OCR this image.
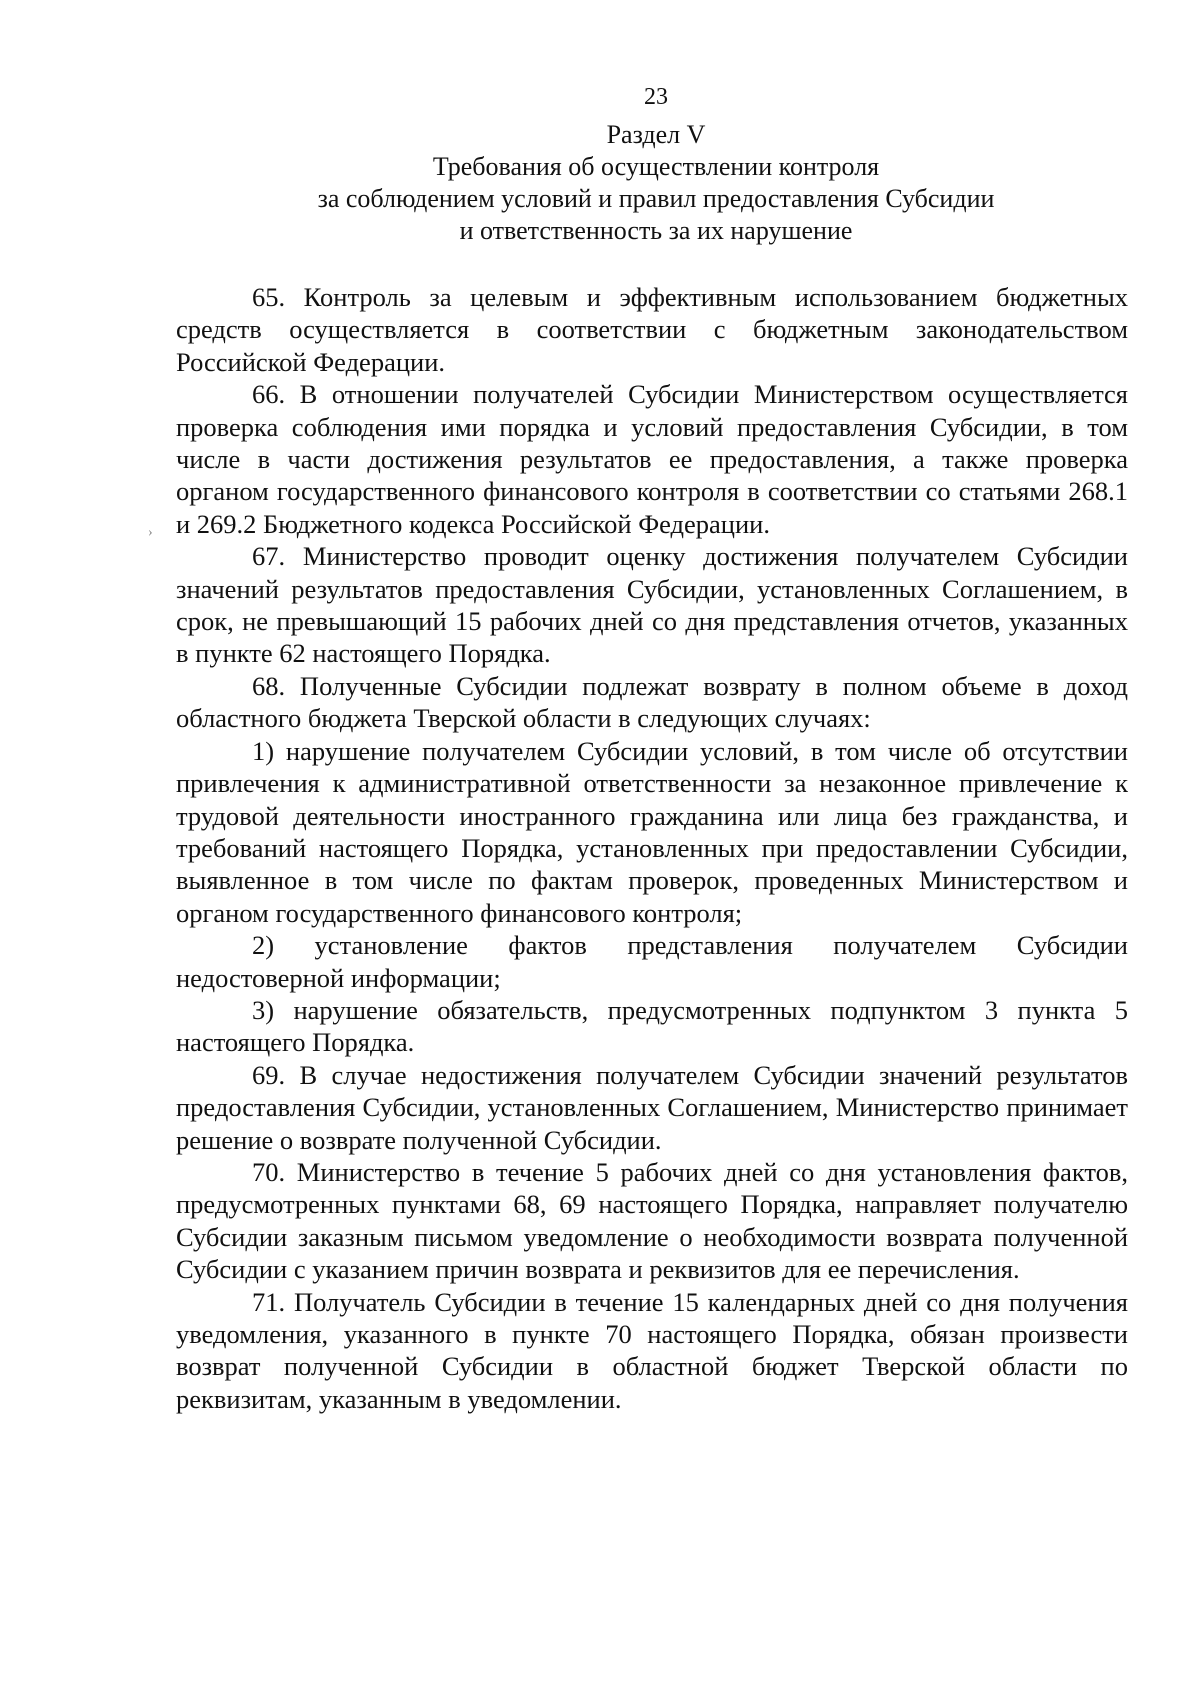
23
Раздел V
Требования об осуществлении контроля
за соблюдением условий и правил предоставления Субсидии
и ответственность за их нарушение

65. Контроль за целевым и эффективным использованием бюджетных средств осуществляется в соответствии с бюджетным законодательством Российской Федерации.

66. В отношении получателей Субсидии Министерством осуществляется проверка соблюдения ими порядка и условий предоставления Субсидии, в том числе в части достижения результатов ее предоставления, а также проверка органом государственного финансового контроля в соответствии со статьями 268.1 и 269.2 Бюджетного кодекса Российской Федерации.

67. Министерство проводит оценку достижения получателем Субсидии значений результатов предоставления Субсидии, установленных Соглашением, в срок, не превышающий 15 рабочих дней со дня представления отчетов, указанных в пункте 62 настоящего Порядка.

68. Полученные Субсидии подлежат возврату в полном объеме в доход областного бюджета Тверской области в следующих случаях:

1) нарушение получателем Субсидии условий, в том числе об отсутствии привлечения к административной ответственности за незаконное привлечение к трудовой деятельности иностранного гражданина или лица без гражданства, и требований настоящего Порядка, установленных при предоставлении Субсидии, выявленное в том числе по фактам проверок, проведенных Министерством и органом государственного финансового контроля;

2) установление фактов представления получателем Субсидии недостоверной информации;

3) нарушение обязательств, предусмотренных подпунктом 3 пункта 5 настоящего Порядка.

69. В случае недостижения получателем Субсидии значений результатов предоставления Субсидии, установленных Соглашением, Министерство принимает решение о возврате полученной Субсидии.

70. Министерство в течение 5 рабочих дней со дня установления фактов, предусмотренных пунктами 68, 69 настоящего Порядка, направляет получателю Субсидии заказным письмом уведомление о необходимости возврата полученной Субсидии с указанием причин возврата и реквизитов для ее перечисления.

71. Получатель Субсидии в течение 15 календарных дней со дня получения уведомления, указанного в пункте 70 настоящего Порядка, обязан произвести возврат полученной Субсидии в областной бюджет Тверской области по реквизитам, указанным в уведомлении.

›
